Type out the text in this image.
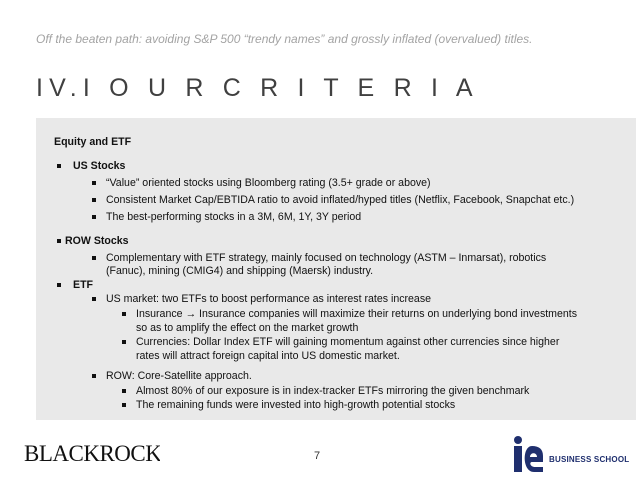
Off the beaten path: avoiding S&P 500 “trendy names” and grossly inflated (overvalued) titles.
IV.I O U R C R I T E R I A
Equity and ETF
US Stocks
“Value” oriented stocks using Bloomberg rating (3.5+ grade or above)
Consistent Market Cap/EBTIDA ratio to avoid inflated/hyped titles (Netflix, Facebook, Snapchat etc.)
The best-performing stocks in a 3M, 6M, 1Y, 3Y period
ROW Stocks
Complementary with ETF strategy, mainly focused on technology (ASTM – Inmarsat), robotics
(Fanuc), mining (CMIG4) and shipping (Maersk) industry.
ETF
US market: two ETFs to boost performance as interest rates increase
Insurance → Insurance companies will maximize their returns on underlying bond investments
so as to amplify the effect on the market growth
Currencies: Dollar Index ETF will gaining momentum against other currencies since higher
rates will attract foreign capital into US domestic market.
ROW: Core-Satellite approach.
Almost 80% of our exposure is in index-tracker ETFs mirroring the given benchmark
The remaining funds were invested into high-growth potential stocks
BLACKROCK	7	BUSINESS SCHOOL
